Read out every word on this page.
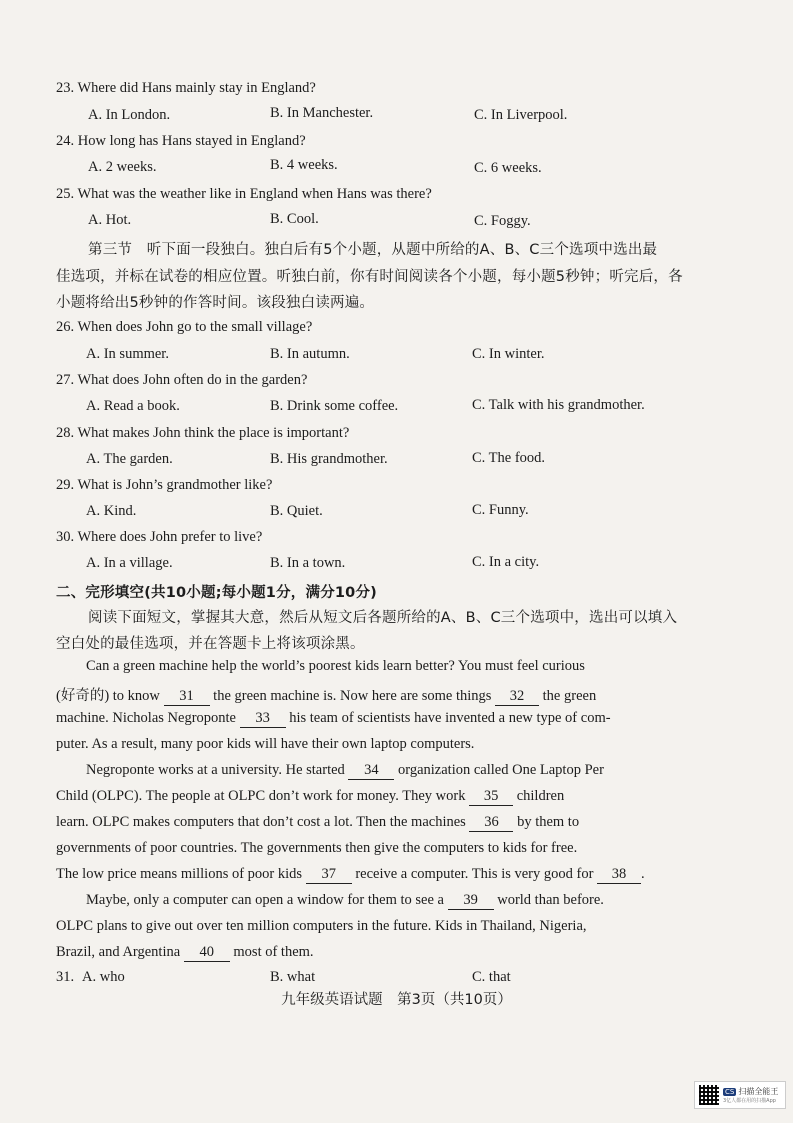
23. Where did Hans mainly stay in England?
A. In London.	B. In Manchester.	C. In Liverpool.
24. How long has Hans stayed in England?
A. 2 weeks.	B. 4 weeks.	C. 6 weeks.
25. What was the weather like in England when Hans was there?
A. Hot.	B. Cool.	C. Foggy.
第三节　听下面一段独白。独白后有5个小题，从题中所给的A、B、C三个选项中选出最
佳选项，并标在试卷的相应位置。听独白前，你有时间阅读各个小题，每小题5秒钟；听完后，各
小题将给出5秒钟的作答时间。该段独白读两遍。
26. When does John go to the small village?
A. In summer.	B. In autumn.	C. In winter.
27. What does John often do in the garden?
A. Read a book.	B. Drink some coffee.	C. Talk with his grandmother.
28. What makes John think the place is important?
A. The garden.	B. His grandmother.	C. The food.
29. What is John’s grandmother like?
A. Kind.	B. Quiet.	C. Funny.
30. Where does John prefer to live?
A. In a village.	B. In a town.	C. In a city.
二、完形填空(共10小题;每小题1分，满分10分)
阅读下面短文，掌握其大意，然后从短文后各题所给的A、B、C三个选项中，选出可以填入
空白处的最佳选项，并在答题卡上将该项涂黑。
Can a green machine help the world’s poorest kids learn better? You must feel curious
(好奇的) to know 31 the green machine is. Now here are some things 32 the green
machine. Nicholas Negroponte 33 his team of scientists have invented a new type of com-
puter. As a result, many poor kids will have their own laptop computers.
Negroponte works at a university. He started 34 organization called One Laptop Per
Child (OLPC). The people at OLPC don’t work for money. They work 35 children
learn. OLPC makes computers that don’t cost a lot. Then the machines 36 by them to
governments of poor countries. The governments then give the computers to kids for free.
The low price means millions of poor kids 37 receive a computer. This is very good for 38 .
Maybe, only a computer can open a window for them to see a 39 world than before.
OLPC plans to give out over ten million computers in the future. Kids in Thailand, Nigeria,
Brazil, and Argentina 40 most of them.
31. A. who	B. what	C. that
九年级英语试题　第3页（共10页）
CS 扫描全能王
3亿人都在用的扫描App
